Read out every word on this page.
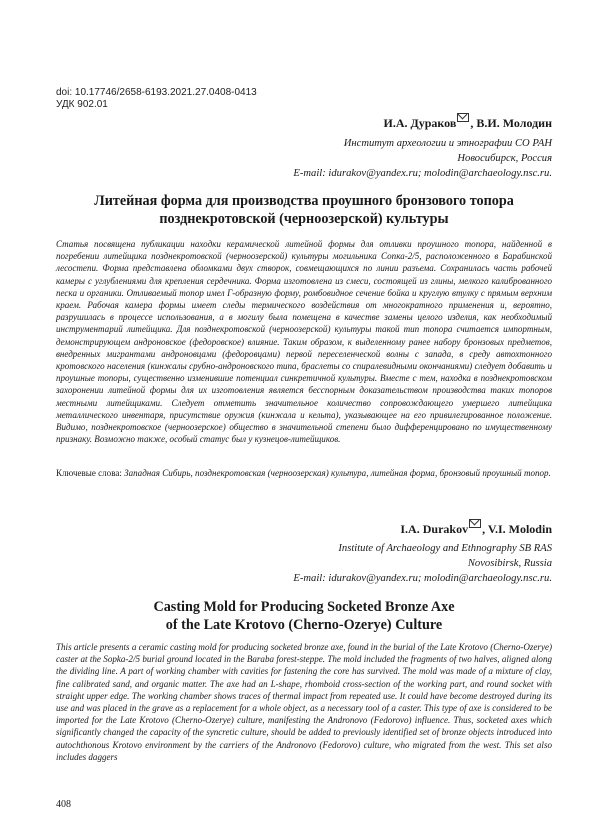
doi: 10.17746/2658-6193.2021.27.0408-0413
УДК 902.01
И.А. Дураков , В.И. Молодин
Институт археологии и этнографии СО РАН
Новосибирск, Россия
E-mail: idurakov@yandex.ru; molodin@archaeology.nsc.ru.
Литейная форма для производства проушного бронзового топора
позднекротовской (черноозерской) культуры
Статья посвящена публикации находки керамической литейной формы для отливки проушного топора, найденной в погребении литейщика позднекротовской (черноозерской) культуры могильника Сопка-2/5, расположенного в Барабинской лесостепи. Форма представлена обломками двух створок, совмещающихся по линии разъема. Сохранилась часть рабочей камеры с углублениями для крепления сердечника. Форма изготовлена из смеси, состоящей из глины, мелкого калиброванного песка и органики. Отливаемый топор имел Г-образную форму, ромбовидное сечение бойка и круглую втулку с прямым верхним краем. Рабочая камера формы имеет следы термического воздействия от многократного применения и, вероятно, разрушилась в процессе использования, а в могилу была помещена в качестве замены целого изделия, как необходимый инструментарий литейщика. Для позднекротовской (черноозерской) культуры такой тип топора считается импортным, демонстрирующем андроновское (федоровское) влияние. Таким образом, к выделенному ранее набору бронзовых предметов, внедренных мигрантами андроновцами (федоровцами) первой переселенческой волны с запада, в среду автохтонного кротовского населения (кинжалы срубно-андроновского типа, браслеты со спиралевидными окончаниями) следует добавить и проушные топоры, существенно изменившие потенциал синкретичной культуры. Вместе с тем, находка в позднекротовском захоронении литейной формы для их изготовления является бесспорным доказательством производства таких топоров местными литейщиками. Следует отметить значительное количество сопровождающего умершего литейщика металлического инвентаря, присутствие оружия (кинжала и кельта), указывающее на его привилегированное положение. Видимо, позднекротовское (черноозерское) общество в значительной степени было дифференцировано по имущественному признаку. Возможно также, особый статус был у кузнецов-литейщиков.
Ключевые слова: Западная Сибирь, позднекротовская (черноозерская) культура, литейная форма, бронзовый проушный топор.
I.A. Durakov , V.I. Molodin
Institute of Archaeology and Ethnography SB RAS
Novosibirsk, Russia
E-mail: idurakov@yandex.ru; molodin@archaeology.nsc.ru.
Casting Mold for Producing Socketed Bronze Axe
of the Late Krotovo (Cherno-Ozerye) Culture
This article presents a ceramic casting mold for producing socketed bronze axe, found in the burial of the Late Krotovo (Cherno-Ozerye) caster at the Sopka-2/5 burial ground located in the Baraba forest-steppe. The mold included the fragments of two halves, aligned along the dividing line. A part of working chamber with cavities for fastening the core has survived. The mold was made of a mixture of clay, fine calibrated sand, and organic matter. The axe had an L-shape, rhomboid cross-section of the working part, and round socket with straight upper edge. The working chamber shows traces of thermal impact from repeated use. It could have become destroyed during its use and was placed in the grave as a replacement for a whole object, as a necessary tool of a caster. This type of axe is considered to be imported for the Late Krotovo (Cherno-Ozerye) culture, manifesting the Andronovo (Fedorovo) influence. Thus, socketed axes which significantly changed the capacity of the syncretic culture, should be added to previously identified set of bronze objects introduced into autochthonous Krotovo environment by the carriers of the Andronovo (Fedorovo) culture, who migrated from the west. This set also includes daggers
408
